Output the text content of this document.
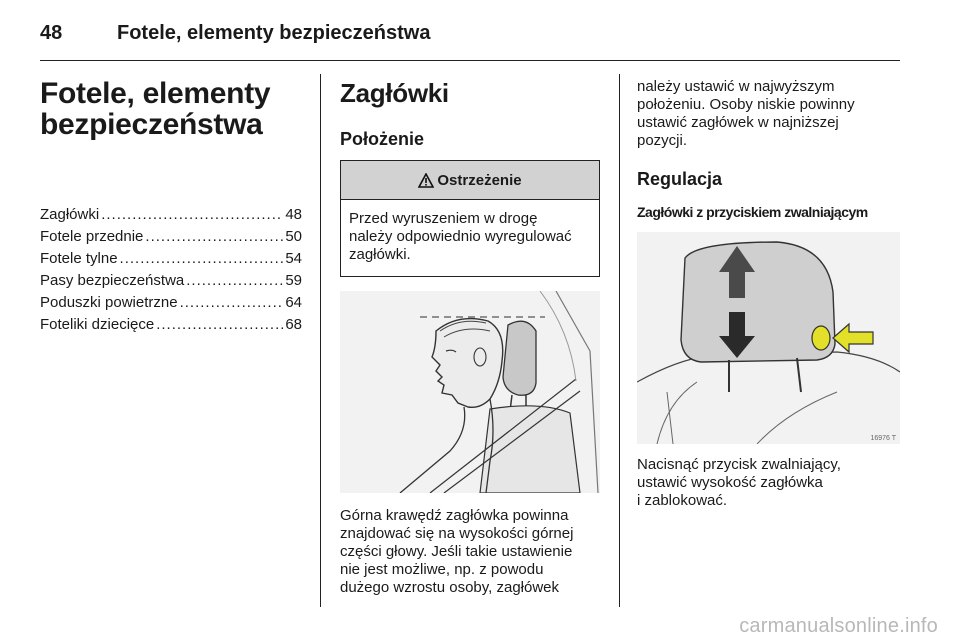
48	Fotele, elementy bezpieczeństwa
Fotele, elementy
bezpieczeństwa
Zagłówki .....	48
Fotele przednie .....	50
Fotele tylne .....	54
Pasy bezpieczeństwa .....	59
Poduszki powietrzne .....	64
Foteliki dziecięce .....	68
Zagłówki
Położenie
Ostrzeżenie
Przed wyruszeniem w drogę
należy odpowiednio wyregulować
zagłówki.

Górna krawędź zagłówka powinna
znajdować się na wysokości górnej
części głowy. Jeśli takie ustawienie
nie jest możliwe, np. z powodu
dużego wzrostu osoby, zagłówek

należy ustawić w najwyższym
położeniu. Osoby niskie powinny
ustawić zagłówek w najniższej
pozycji.

Regulacja
Zagłówki z przyciskiem zwalniającym
16976 T

Nacisnąć przycisk zwalniający,
ustawić wysokość zagłówka
i zablokować.

carmanualsonline.info
